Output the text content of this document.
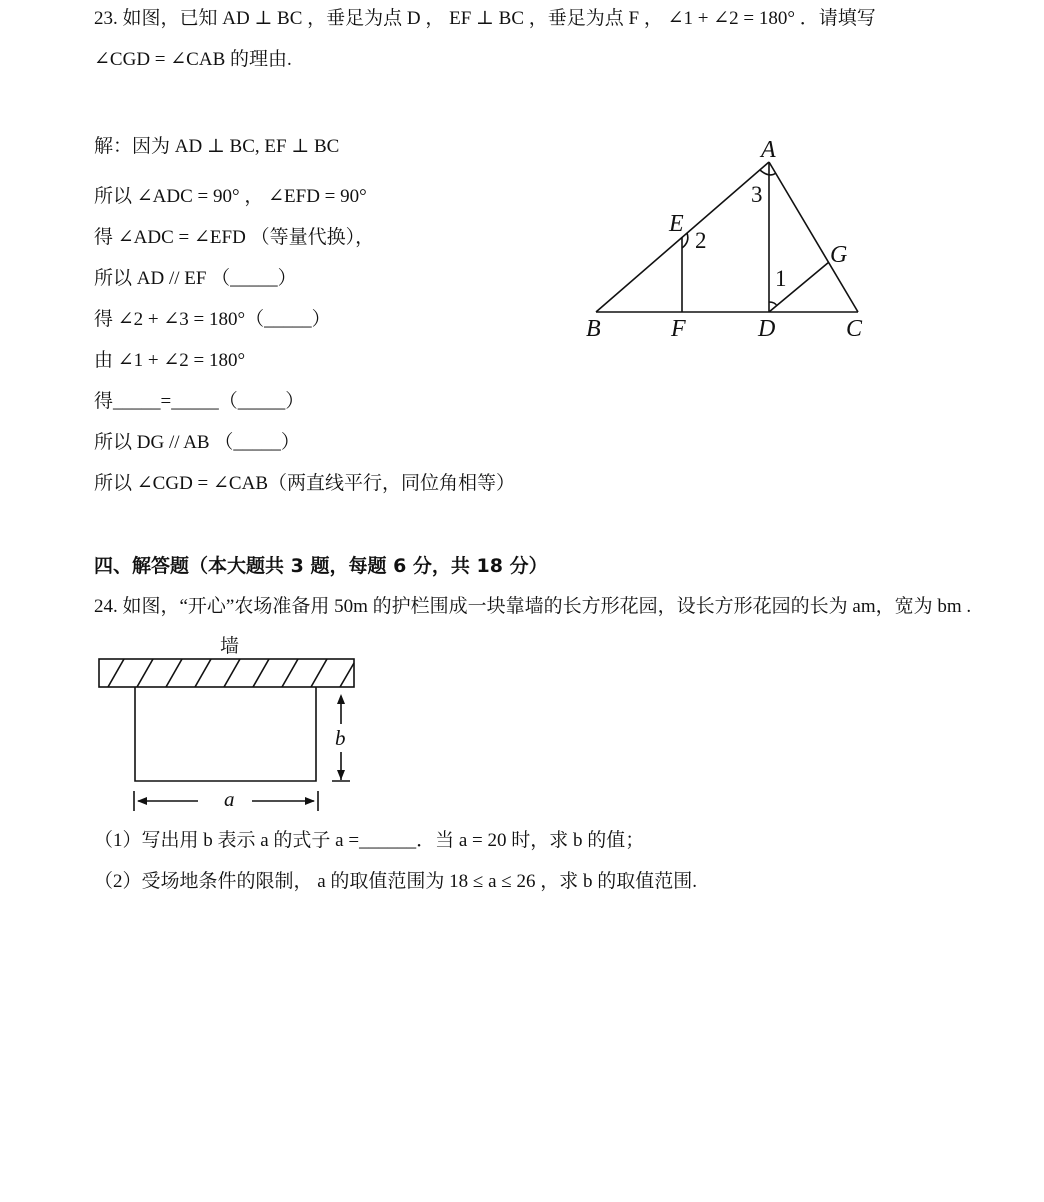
23. 如图，已知 AD ⊥ BC ，垂足为点 D ， EF ⊥ BC ，垂足为点 F ， ∠1 + ∠2 = 180° ．请填写
∠CGD = ∠CAB 的理由.
解：因为 AD ⊥ BC, EF ⊥ BC
所以 ∠ADC = 90° ， ∠EFD = 90°
得 ∠ADC = ∠EFD （等量代换），
所以 AD // EF （_____）
得 ∠2 + ∠3 = 180°（_____）
由 ∠1 + ∠2 = 180°
得_____=_____（_____）
所以 DG // AB （_____）
所以 ∠CGD = ∠CAB（两直线平行，同位角相等）
A
E
G
B	F	D	C
3
2
1
四、解答题（本大题共 3 题，每题 6 分，共 18 分）
24. 如图，“开心”农场准备用 50m 的护栏围成一块靠墙的长方形花园，设长方形花园的长为 am，宽为 bm .
墙
b
a
（1）写出用 b 表示 a 的式子 a =______．当 a = 20 时，求 b 的值；
（2）受场地条件的限制， a 的取值范围为 18 ≤ a ≤ 26 ，求 b 的取值范围.
